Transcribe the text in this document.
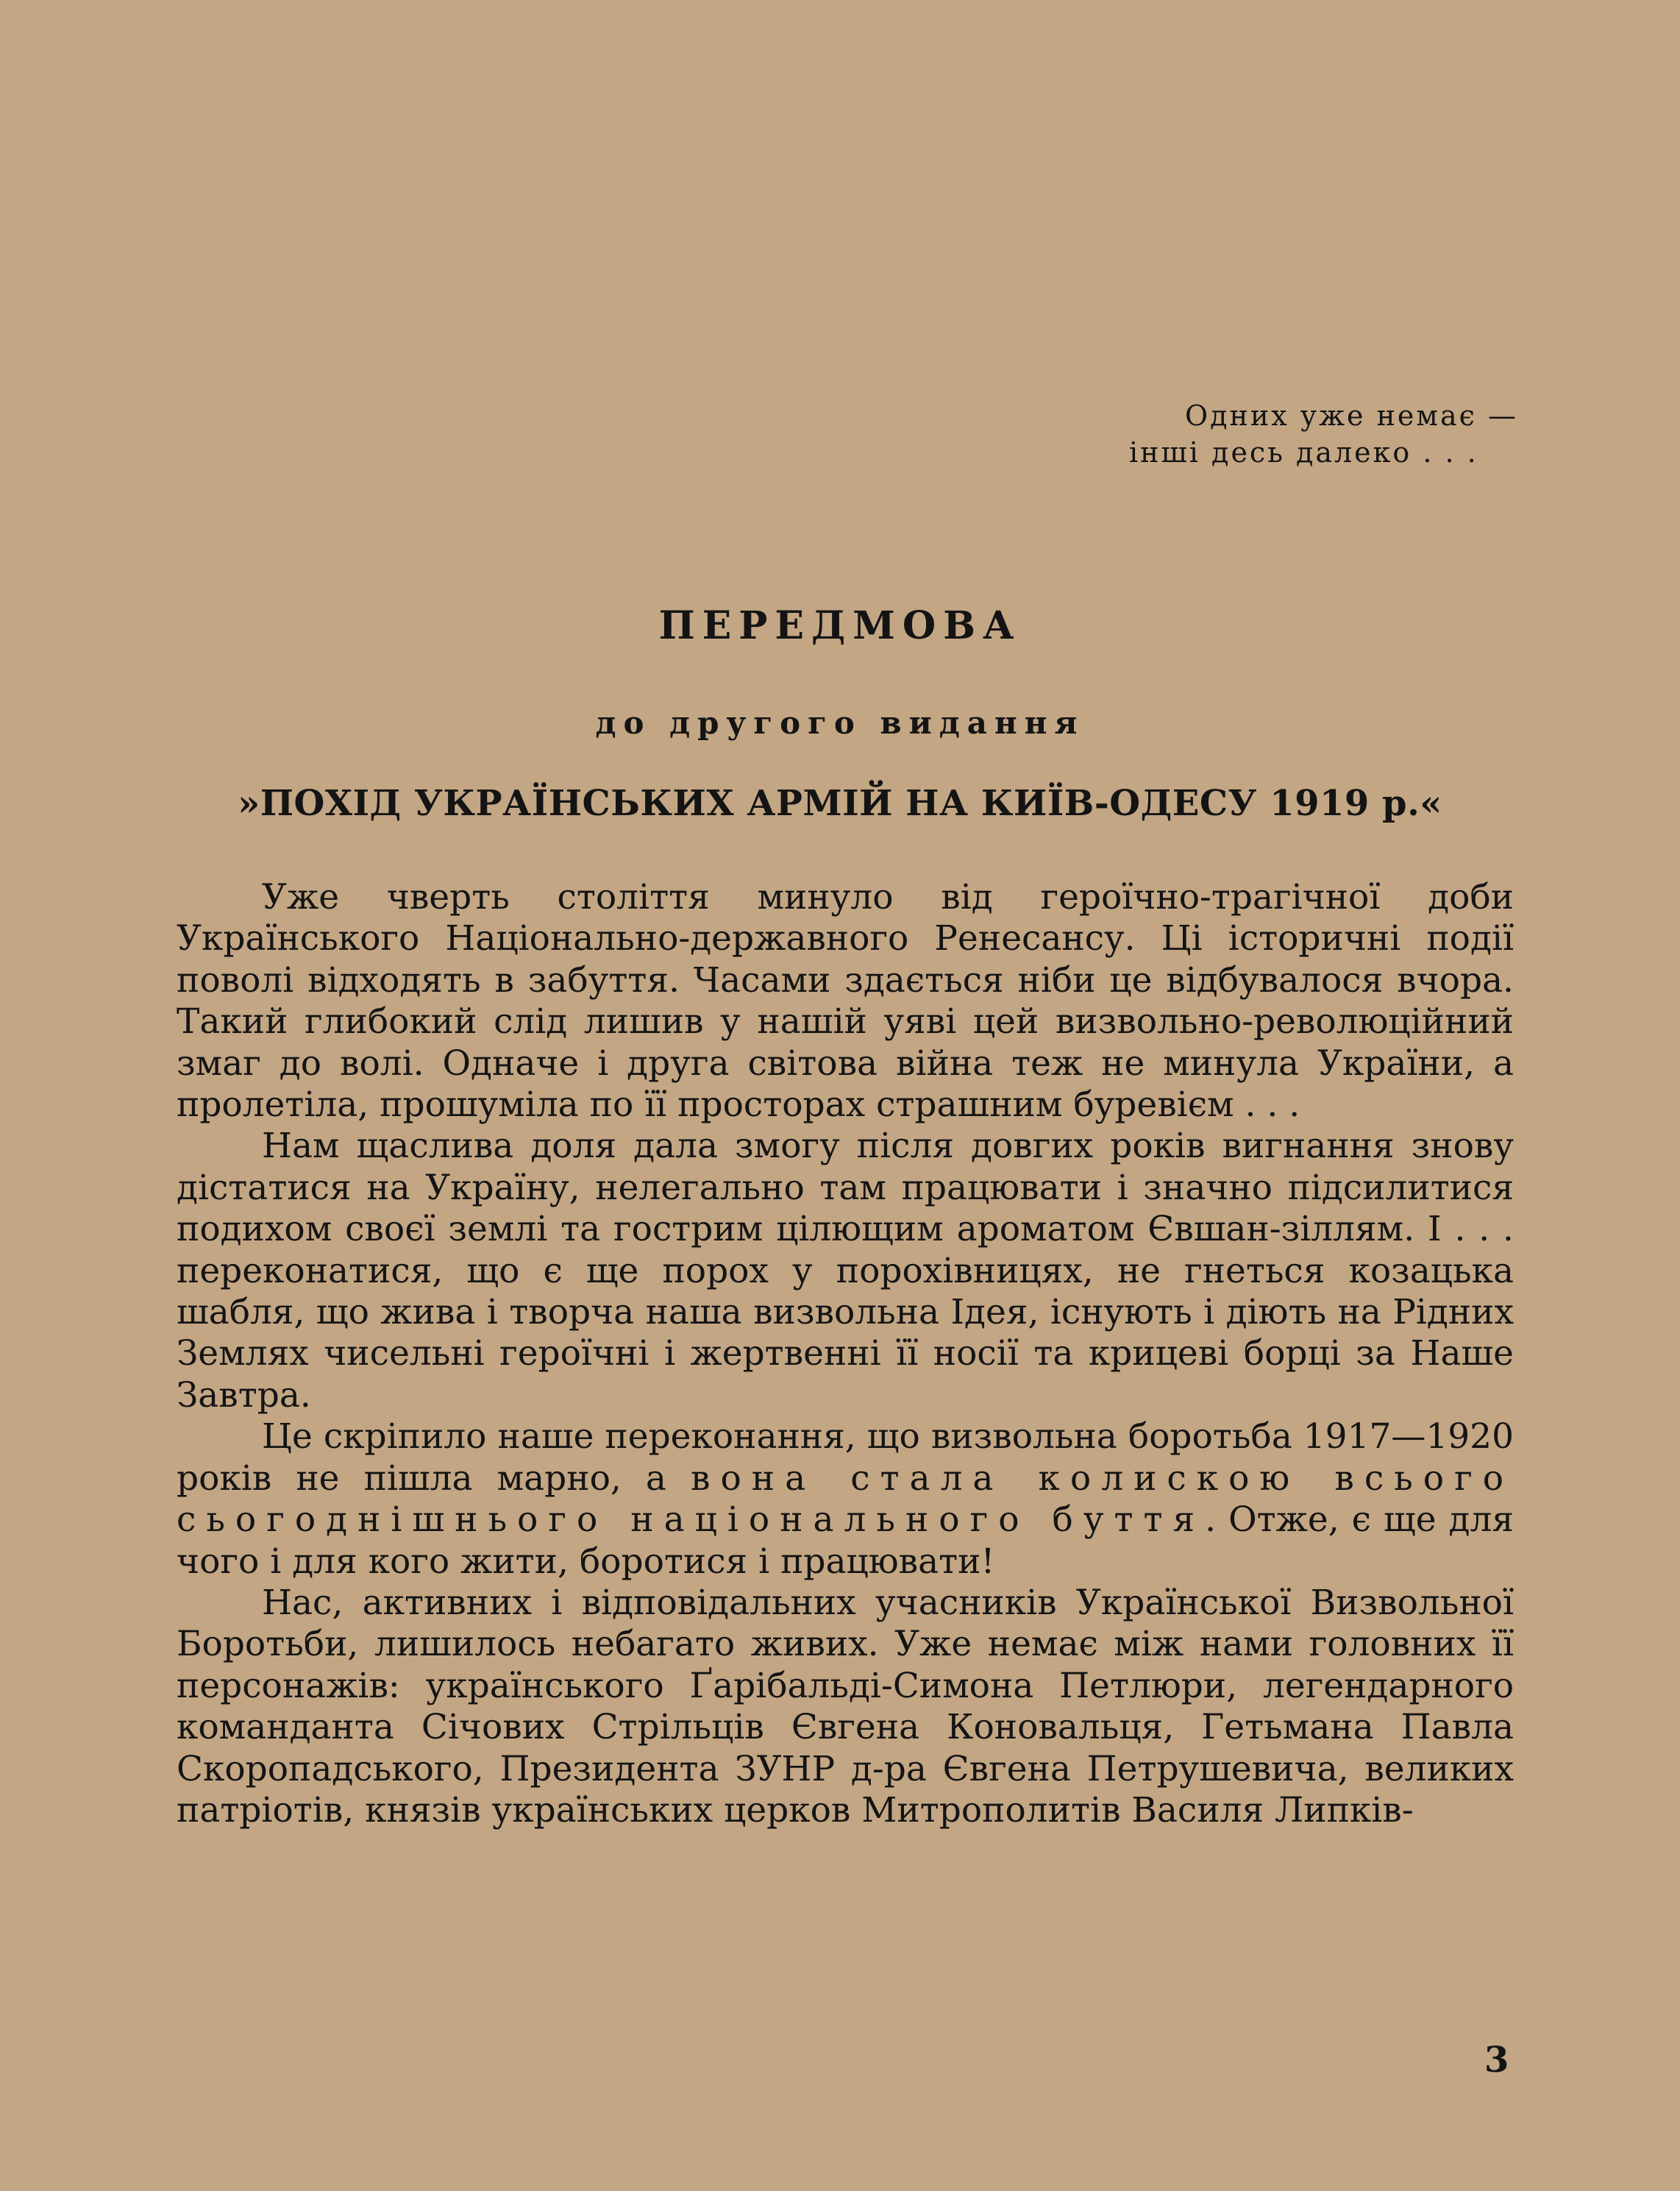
Одних уже немає —
інші десь далеко . . .
ПЕРЕДМОВА
до другого видання
»ПОХІД УКРАЇНСЬКИХ АРМІЙ НА КИЇВ-ОДЕСУ 1919 р.«

Уже чверть століття минуло від героїчно-трагічної доби Українського Національно-державного Ренесансу. Ці історичні події поволі відходять в забуття. Часами здається ніби це відбувалося вчора. Такий глибокий слід лишив у нашій уяві цей визвольно-революційний змаг до волі. Одначе і друга світова війна теж не минула України, а пролетіла, прошуміла по її просторах страшним буревієм . . .

Нам щаслива доля дала змогу після довгих років вигнання знову дістатися на Україну, нелегально там працювати і значно підсилитися подихом своєї землі та гострим цілющим ароматом Євшан-зіллям. І . . . переконатися, що є ще порох у порохівницях, не гнеться козацька шабля, що жива і творча наша визвольна Ідея, існують і діють на Рідних Землях чисельні героїчні і жертвенні її носії та крицеві борці за Наше Завтра.

Це скріпило наше переконання, що визвольна боротьба 1917—1920 років не пішла марно, а вона стала колискою всього сьогоднішнього національного буття. Отже, є ще для чого і для кого жити, боротися і працювати!

Нас, активних і відповідальних учасників Української Визвольної Боротьби, лишилось небагато живих. Уже немає між нами головних її персонажів: українського Ґарібальді-Симона Петлюри, легендарного команданта Січових Стрільців Євгена Коновальця, Гетьмана Павла Скоропадського, Президента ЗУНР д-ра Євгена Петрушевича, великих патріотів, князів українських церков Митрополитів Василя Липків-

3
